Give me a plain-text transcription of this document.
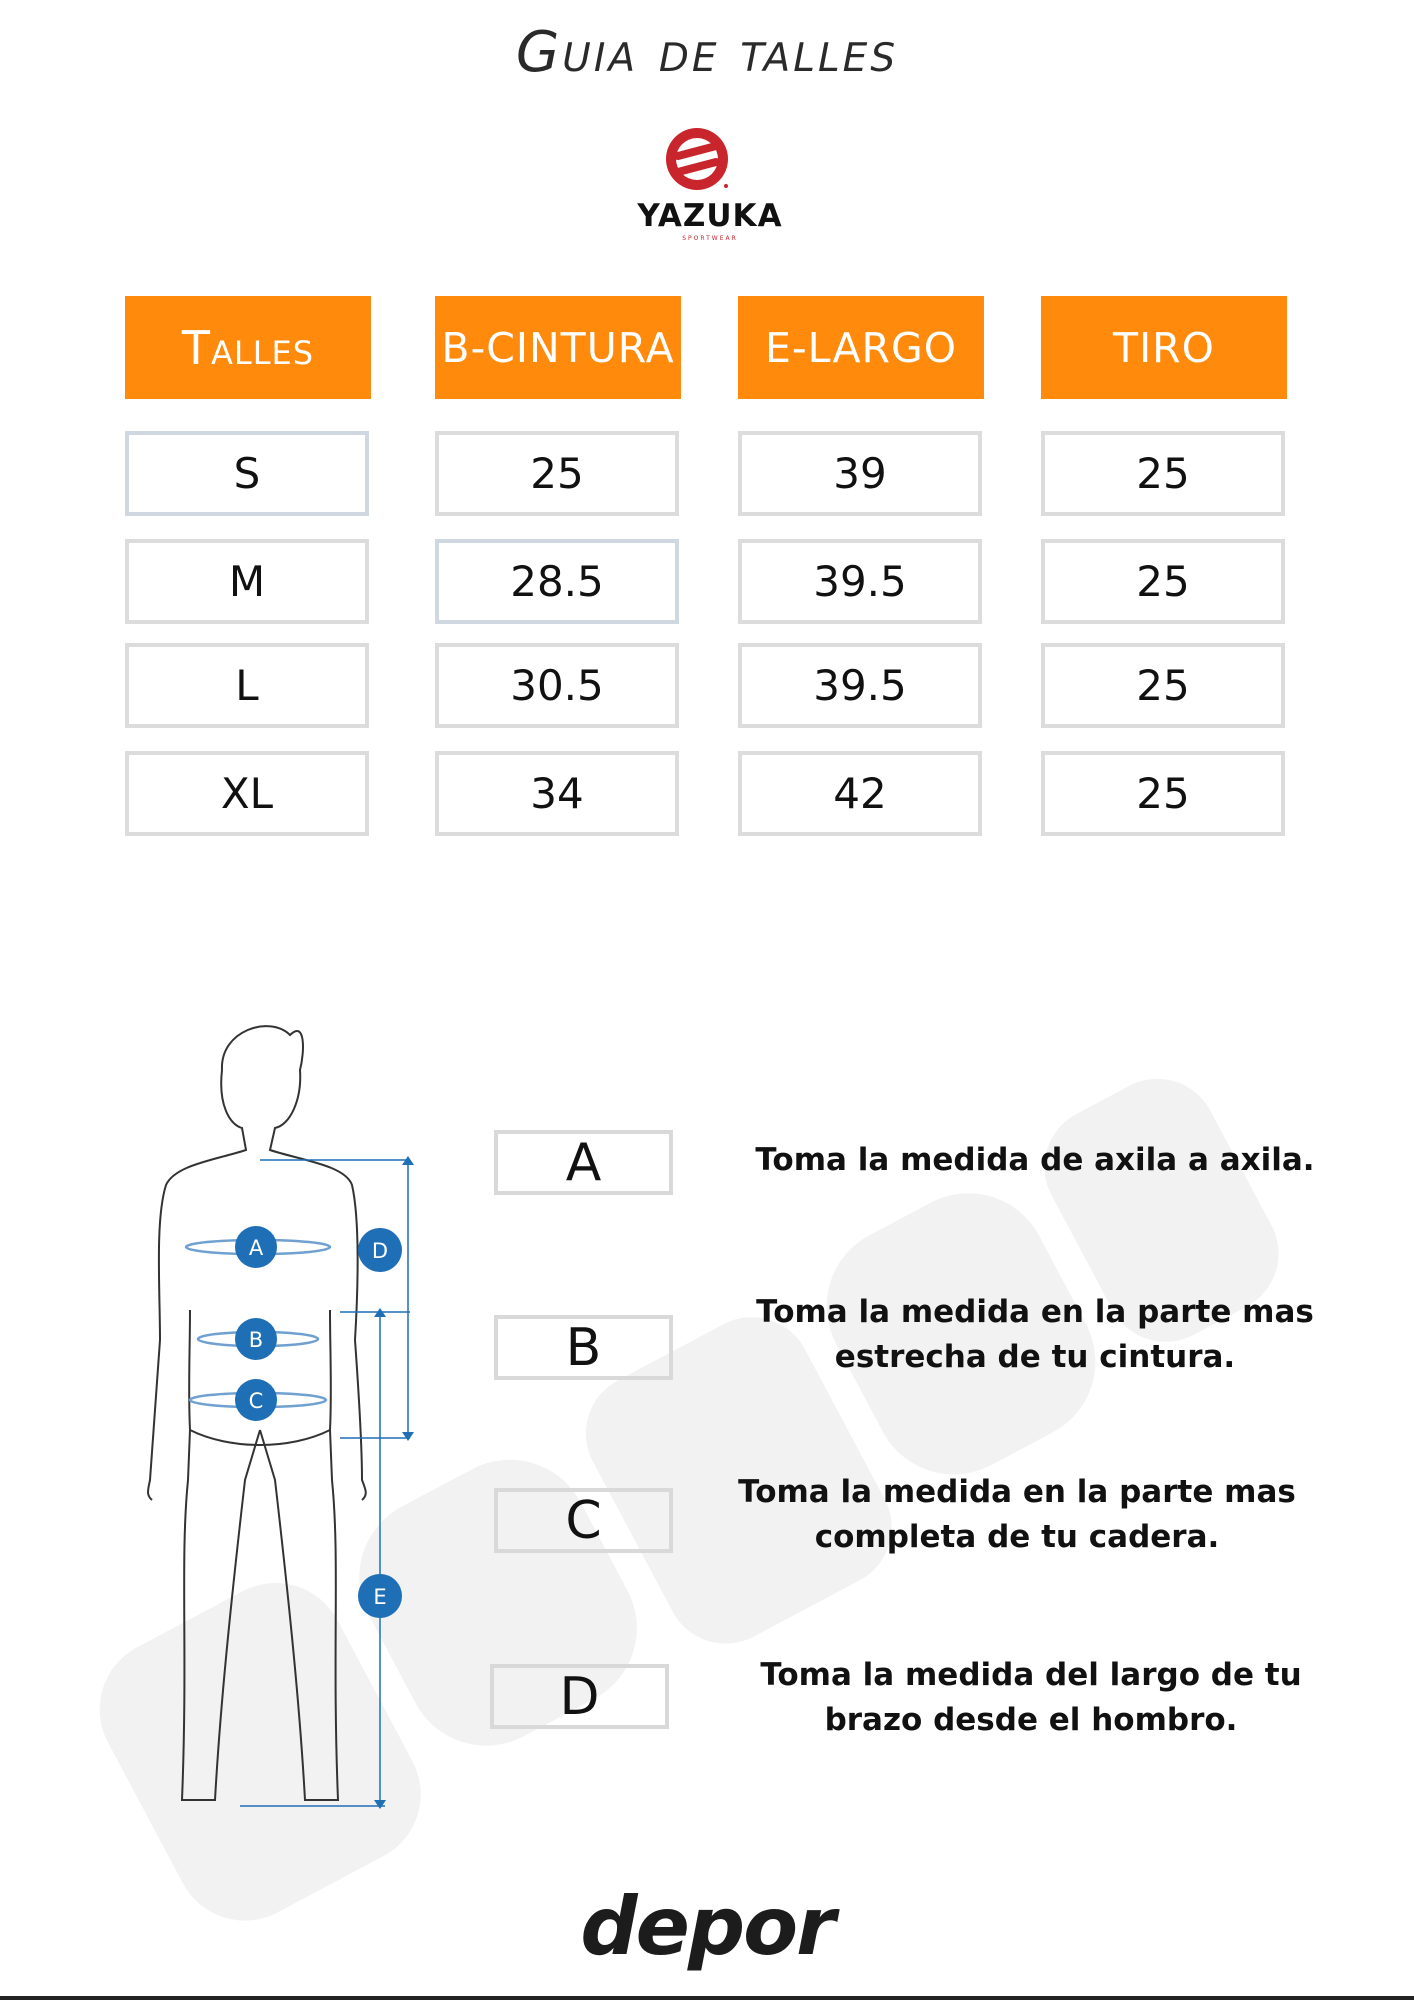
Guia de talles
YAZUKA
SPORTWEAR
Talles	B-CINTURA	E-LARGO	TIRO
S	25	39	25
M	28.5	39.5	25
L	30.5	39.5	25
XL	34	42	25
A
B
C
D
E
A
B
C
D
Toma la medida de axila a axila.
Toma la medida en la parte mas
estrecha de tu cintura.
Toma la medida en la parte mas
completa de tu cadera.
Toma la medida del largo de tu
brazo desde el hombro.
depor
